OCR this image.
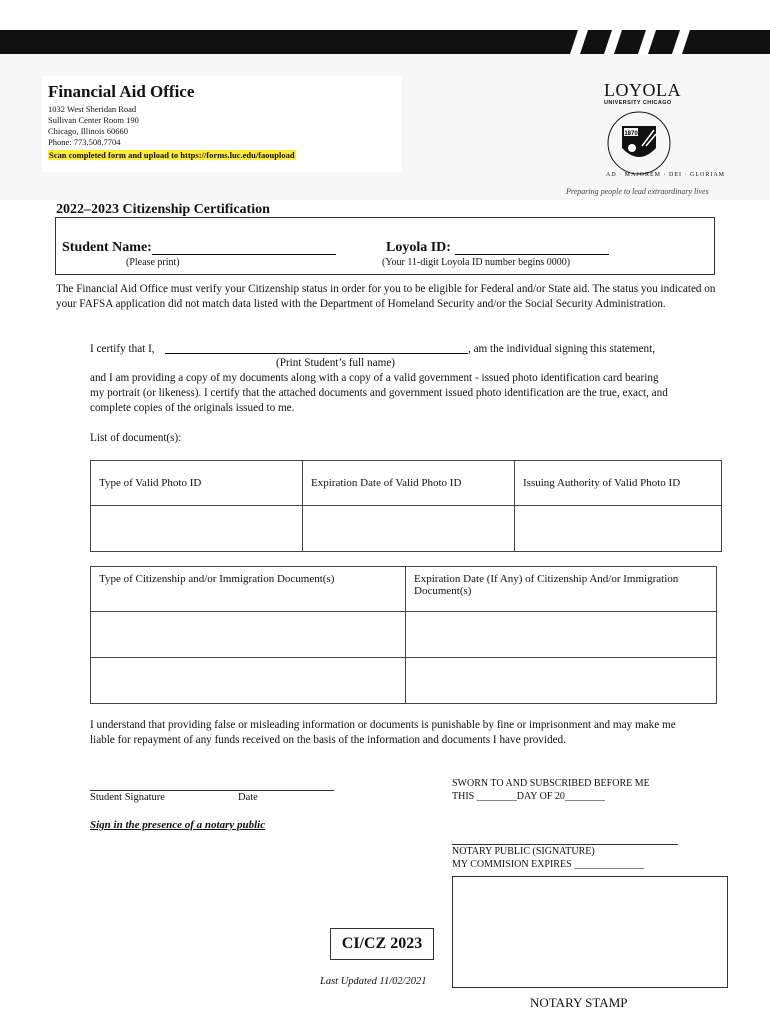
Financial Aid Office
1032 West Sheridan Road
Sullivan Center Room 190
Chicago, Illinois 60660
Phone: 773.508.7704
Scan completed form and upload to https://forms.luc.edu/faoupload
LOYOLA
UNIVERSITY CHICAGO
1870
AD · MAJOREM · DEI · GLORIAM
Preparing people to lead extraordinary lives
2022–2023 Citizenship Certification
Student Name:
(Please print)
Loyola ID:
(Your 11-digit Loyola ID number begins 0000)
The Financial Aid Office must verify your Citizenship status in order for you to be eligible for Federal and/or State aid. The status you indicated on your FAFSA application did not match data listed with the Department of Homeland Security and/or the Social Security Administration.
I certify that I,	, am the individual signing this statement,
(Print Student’s full name)
and I am providing a copy of my documents along with a copy of a valid government - issued photo identification card bearing my portrait (or likeness). I certify that the attached documents and government issued photo identification are the true, exact, and complete copies of the originals issued to me.
List of document(s):
Type of Valid Photo ID	Expiration Date of Valid Photo ID	Issuing Authority of Valid Photo ID

Type of Citizenship and/or Immigration Document(s)	Expiration Date (If Any) of Citizenship And/or Immigration Document(s)

I understand that providing false or misleading information or documents is punishable by fine or imprisonment and may make me liable for repayment of any funds received on the basis of the information and documents I have provided.
Student Signature	Date
Sign in the presence of a notary public
SWORN TO AND SUBSCRIBED BEFORE ME
THIS ________DAY OF 20________
NOTARY PUBLIC (SIGNATURE)
MY COMMISION EXPIRES ______________
CI/CZ 2023
Last Updated 11/02/2021
NOTARY STAMP
